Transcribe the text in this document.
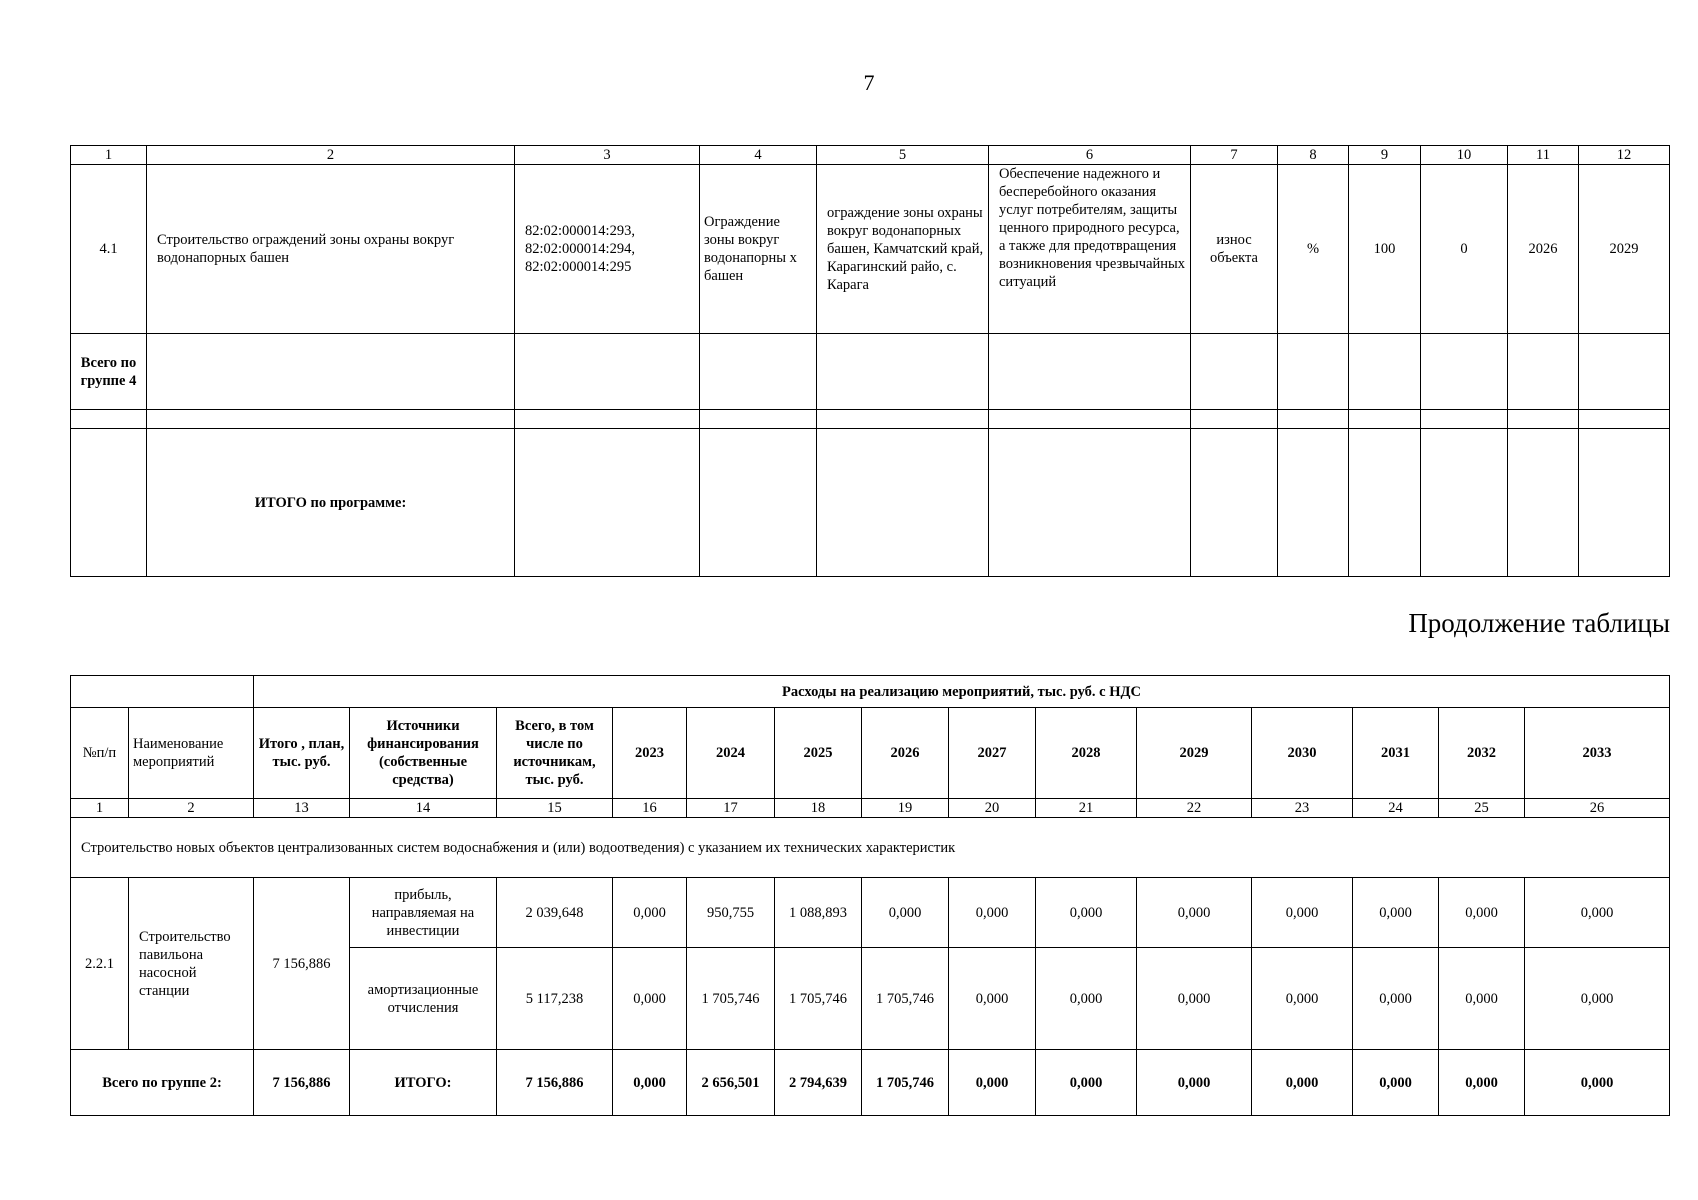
7
1	2	3	4	5	6	7	8	9	10	11	12
4.1	Строительство ограждений зоны охраны вокруг водонапорных башен	82:02:000014:293, 82:02:000014:294, 82:02:000014:295	Ограждение зоны вокруг водонапорны х башен	ограждение зоны охраны вокруг водонапорных башен, Камчатский край, Карагинский райо, с. Карага	Обеспечение надежного и бесперебойного оказания услуг потребителям, защиты ценного природного ресурса, а также для предотвращения возникновения чрезвычайных ситуаций	износ объекта	%	100	0	2026	2029
Всего по группе 4											

	ИТОГО по программе:										
Продолжение таблицы
		Расходы на реализацию мероприятий, тыс. руб. с НДС													
№п/п	Наименование мероприятий	Итого , план, тыс. руб.	Источники финансирования (собственные средства)	Всего, в том числе по источникам, тыс. руб.	2023	2024	2025	2026	2027	2028	2029	2030	2031	2032	2033
1	2	13	14	15	16	17	18	19	20	21	22	23	24	25	26
Строительство новых объектов централизованных систем водоснабжения и (или) водоотведения) с указанием их технических характеристик															
2.2.1	Строительство павильона насосной станции	7 156,886	прибыль, направляемая на инвестиции	2 039,648	0,000	950,755	1 088,893	0,000	0,000	0,000	0,000	0,000	0,000	0,000	0,000
			амортизационные отчисления	5 117,238	0,000	1 705,746	1 705,746	1 705,746	0,000	0,000	0,000	0,000	0,000	0,000	0,000
Всего по группе 2:		7 156,886	ИТОГО:	7 156,886	0,000	2 656,501	2 794,639	1 705,746	0,000	0,000	0,000	0,000	0,000	0,000	0,000
